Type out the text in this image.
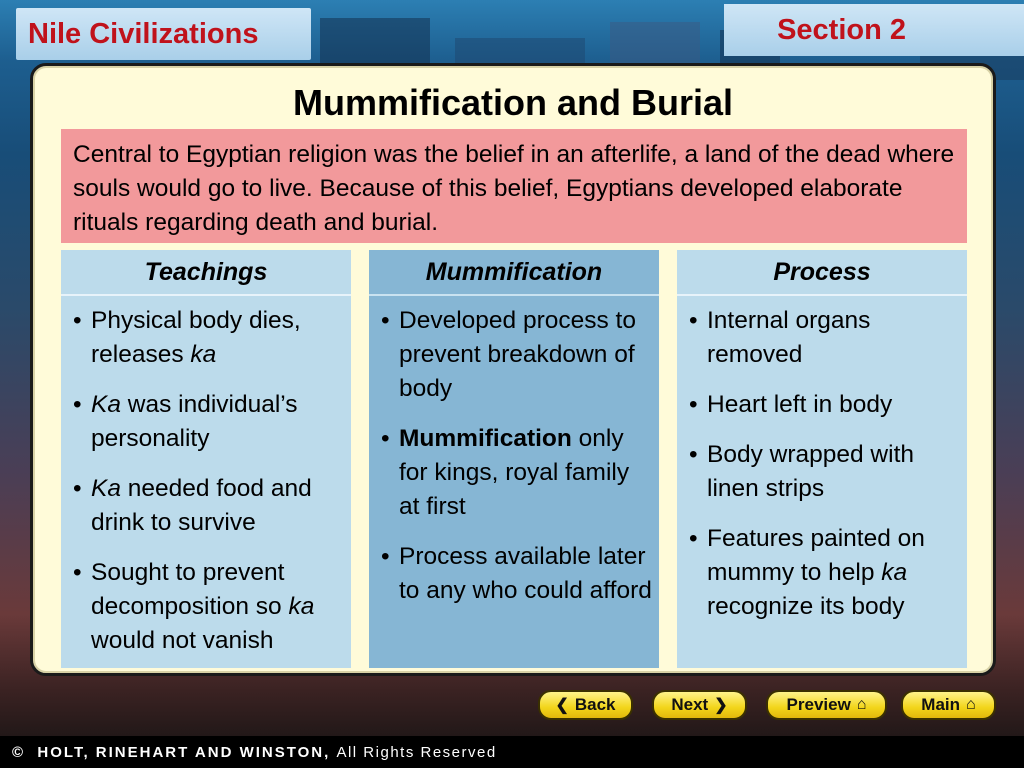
Nile Civilizations	Section 2
Mummification and Burial
Central to Egyptian religion was the belief in an afterlife, a land of the dead where souls would go to live. Because of this belief, Egyptians developed elaborate rituals regarding death and burial.
Teachings
• Physical body dies, releases ka
• Ka was individual’s personality
• Ka needed food and drink to survive
• Sought to prevent decomposition so ka would not vanish
Mummification
• Developed process to prevent breakdown of body
• Mummification only for kings, royal family at first
• Process available later to any who could afford
Process
• Internal organs removed
• Heart left in body
• Body wrapped with linen strips
• Features painted on mummy to help ka recognize its body
❮ Back	Next ❯	Preview ⌂	Main ⌂
©
HOLT, RINEHART AND WINSTON,
All Rights Reserved
